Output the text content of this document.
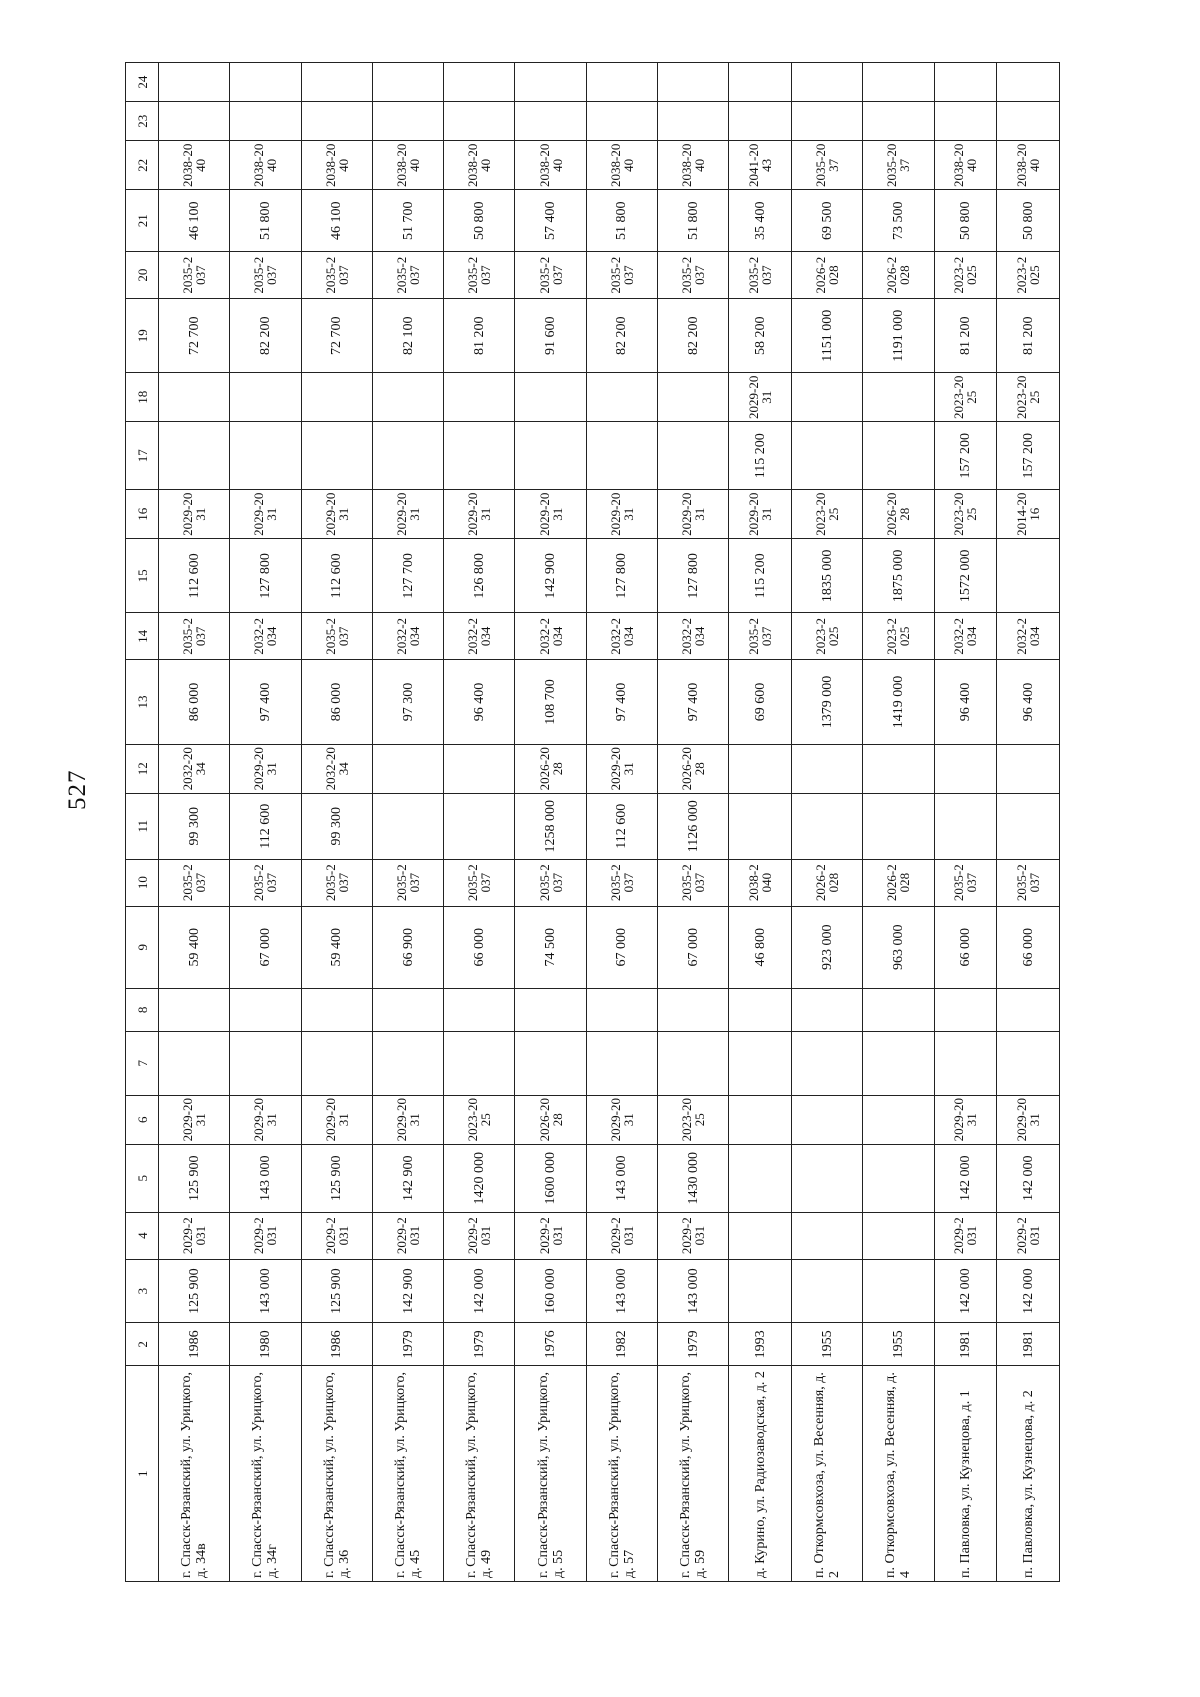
527
1	2	3	4	5	6	7	8	9	10	11	12	13	14	15	16	17	18	19	20	21	22	23	24
г. Спасск-Рязанский, ул. Урицкого, д. 34в	1986	125 900	2029-2031	125 900	2029-2031			59 400	2035-2037	99 300	2032-2034	86 000	2035-2037	112 600	2029-2031			72 700	2035-2037	46 100	2038-2040		
г. Спасск-Рязанский, ул. Урицкого, д. 34г	1980	143 000	2029-2031	143 000	2029-2031			67 000	2035-2037	112 600	2029-2031	97 400	2032-2034	127 800	2029-2031			82 200	2035-2037	51 800	2038-2040		
г. Спасск-Рязанский, ул. Урицкого, д. 36	1986	125 900	2029-2031	125 900	2029-2031			59 400	2035-2037	99 300	2032-2034	86 000	2035-2037	112 600	2029-2031			72 700	2035-2037	46 100	2038-2040		
г. Спасск-Рязанский, ул. Урицкого, д. 45	1979	142 900	2029-2031	142 900	2029-2031			66 900	2035-2037			97 300	2032-2034	127 700	2029-2031			82 100	2035-2037	51 700	2038-2040		
г. Спасск-Рязанский, ул. Урицкого, д. 49	1979	142 000	2029-2031	1420 000	2023-2025			66 000	2035-2037			96 400	2032-2034	126 800	2029-2031			81 200	2035-2037	50 800	2038-2040		
г. Спасск-Рязанский, ул. Урицкого, д. 55	1976	160 000	2029-2031	1600 000	2026-2028			74 500	2035-2037	1258 000	2026-2028	108 700	2032-2034	142 900	2029-2031			91 600	2035-2037	57 400	2038-2040		
г. Спасск-Рязанский, ул. Урицкого, д. 57	1982	143 000	2029-2031	143 000	2029-2031			67 000	2035-2037	112 600	2029-2031	97 400	2032-2034	127 800	2029-2031			82 200	2035-2037	51 800	2038-2040		
г. Спасск-Рязанский, ул. Урицкого, д. 59	1979	143 000	2029-2031	1430 000	2023-2025			67 000	2035-2037	1126 000	2026-2028	97 400	2032-2034	127 800	2029-2031			82 200	2035-2037	51 800	2038-2040		
д. Курино, ул. Радиозаводская, д. 2	1993							46 800	2038-2040			69 600	2035-2037	115 200	2029-2031	115 200	2029-2031	58 200	2035-2037	35 400	2041-2043		
п. Откормсовхоза, ул. Весенняя, д. 2	1955							923 000	2026-2028			1379 000	2023-2025	1835 000	2023-2025			1151 000	2026-2028	69 500	2035-2037		
п. Откормсовхоза, ул. Весенняя, д. 4	1955							963 000	2026-2028			1419 000	2023-2025	1875 000	2026-2028			1191 000	2026-2028	73 500	2035-2037		
п. Павловка, ул. Кузнецова, д. 1	1981	142 000	2029-2031	142 000	2029-2031			66 000	2035-2037			96 400	2032-2034	1572 000	2023-2025	157 200	2023-2025	81 200	2023-2025	50 800	2038-2040		
п. Павловка, ул. Кузнецова, д. 2	1981	142 000	2029-2031	142 000	2029-2031			66 000	2035-2037			96 400	2032-2034		2014-2016	157 200	2023-2025	81 200	2023-2025	50 800	2038-2040		
